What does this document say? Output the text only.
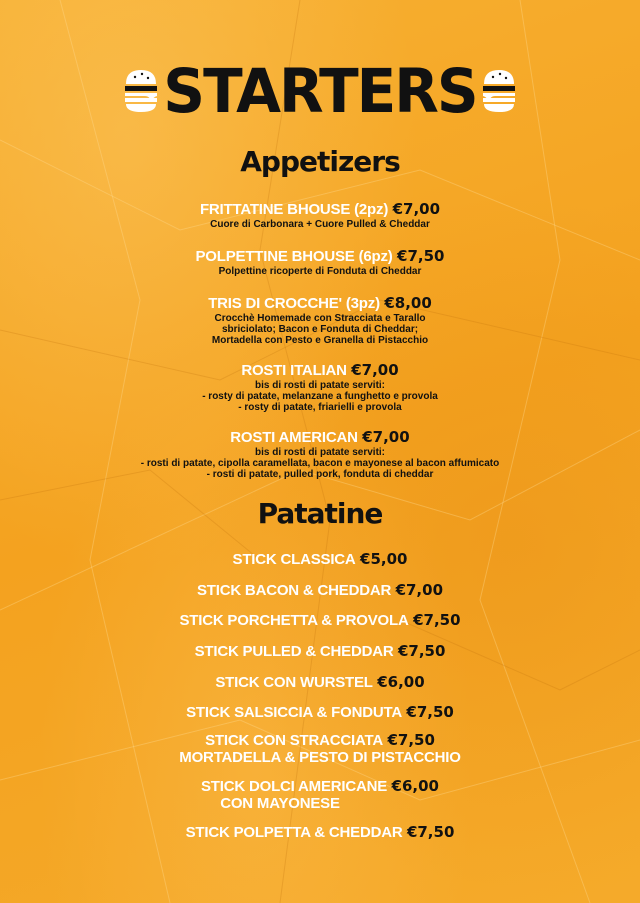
STARTERS
Appetizers
FRITTATINE BHOUSE (2pz) €7,00
Cuore di Carbonara + Cuore Pulled & Cheddar
POLPETTINE BHOUSE (6pz) €7,50
Polpettine ricoperte di Fonduta di Cheddar
TRIS DI CROCCHE' (3pz) €8,00
Crocchè Homemade con Stracciata e Tarallo
sbriciolato; Bacon e Fonduta di Cheddar;
Mortadella con Pesto e Granella di Pistacchio
ROSTI ITALIAN €7,00
bis di rosti di patate serviti:
- rosty di patate, melanzane a funghetto e provola
- rosty di patate, friarielli e provola
ROSTI AMERICAN €7,00
bis di rosti di patate serviti:
- rosti di patate, cipolla caramellata, bacon e mayonese al bacon affumicato
- rosti di patate, pulled pork, fonduta di cheddar
Patatine
STICK CLASSICA €5,00
STICK BACON & CHEDDAR €7,00
STICK PORCHETTA & PROVOLA €7,50
STICK PULLED & CHEDDAR €7,50
STICK CON WURSTEL €6,00
STICK SALSICCIA & FONDUTA €7,50
STICK CON STRACCIATA €7,50
MORTADELLA & PESTO DI PISTACCHIO
STICK DOLCI AMERICANE €6,00
CON MAYONESE
STICK POLPETTA & CHEDDAR €7,50
